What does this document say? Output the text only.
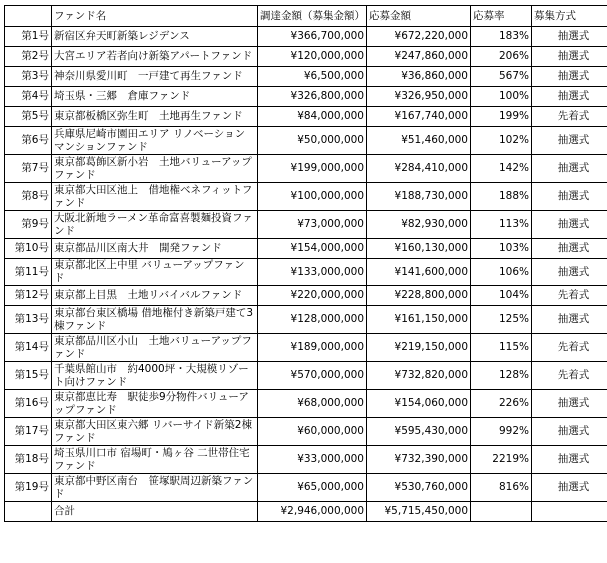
	ファンド名	調達金額（募集金額）	応募金額	応募率	募集方式
第1号	新宿区弁天町新築レジデンス	¥366,700,000	¥672,220,000	183%	抽選式
第2号	大宮エリア若者向け新築アパートファンド	¥120,000,000	¥247,860,000	206%	抽選式
第3号	神奈川県愛川町　一戸建て再生ファンド	¥6,500,000	¥36,860,000	567%	抽選式
第4号	埼玉県・三郷　倉庫ファンド	¥326,800,000	¥326,950,000	100%	抽選式
第5号	東京都板橋区弥生町　土地再生ファンド	¥84,000,000	¥167,740,000	199%	先着式
第6号	兵庫県尼崎市園田エリア リノベーションマンションファンド	¥50,000,000	¥51,460,000	102%	抽選式
第7号	東京都葛飾区新小岩　土地バリューアップファンド	¥199,000,000	¥284,410,000	142%	抽選式
第8号	東京都大田区池上　借地権ベネフィットファンド	¥100,000,000	¥188,730,000	188%	抽選式
第9号	大阪北新地ラーメン革命富喜製麺投資ファンド	¥73,000,000	¥82,930,000	113%	抽選式
第10号	東京都品川区南大井　開発ファンド	¥154,000,000	¥160,130,000	103%	抽選式
第11号	東京都北区上中里 バリューアップファンド	¥133,000,000	¥141,600,000	106%	抽選式
第12号	東京都上目黒　土地リバイバルファンド	¥220,000,000	¥228,800,000	104%	先着式
第13号	東京都台東区橋場 借地権付き新築戸建て3棟ファンド	¥128,000,000	¥161,150,000	125%	抽選式
第14号	東京都品川区小山　土地バリューアップファンド	¥189,000,000	¥219,150,000	115%	先着式
第15号	千葉県館山市　約4000坪・大規模リゾート向けファンド	¥570,000,000	¥732,820,000	128%	先着式
第16号	東京都恵比寿　駅徒歩9分物件バリューアップファンド	¥68,000,000	¥154,060,000	226%	抽選式
第17号	東京都大田区東六郷 リバーサイド新築2棟ファンド	¥60,000,000	¥595,430,000	992%	抽選式
第18号	埼玉県川口市 宿場町・鳩ヶ谷 二世帯住宅ファンド	¥33,000,000	¥732,390,000	2219%	抽選式
第19号	東京都中野区南台　笹塚駅周辺新築ファンド	¥65,000,000	¥530,760,000	816%	抽選式
	合計	¥2,946,000,000	¥5,715,450,000		
